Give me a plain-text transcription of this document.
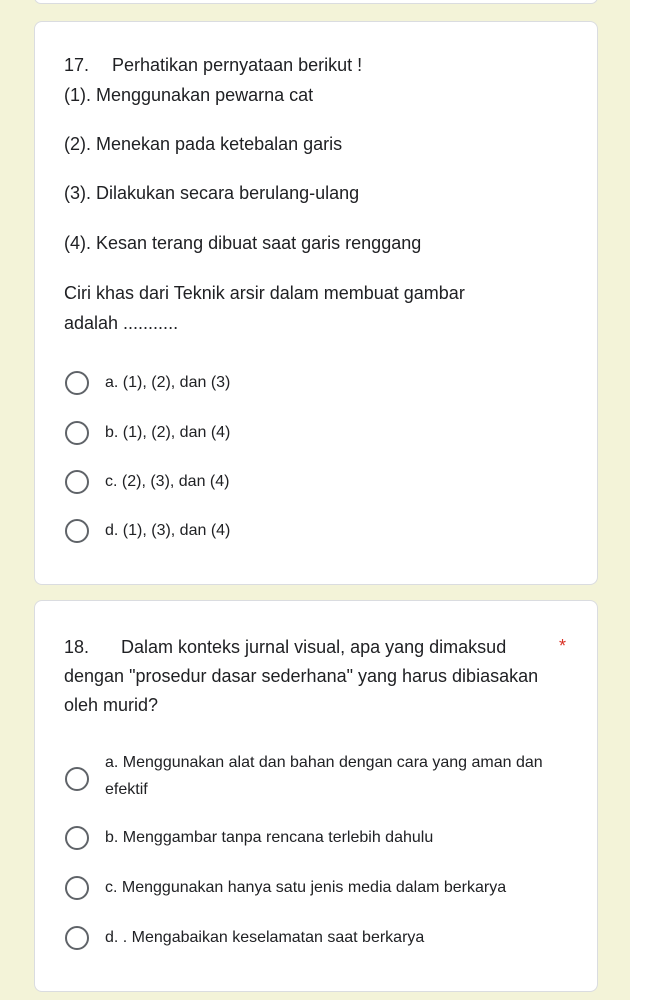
17. Perhatikan pernyataan berikut !
(1). Menggunakan pewarna cat
(2). Menekan pada ketebalan garis
(3). Dilakukan secara berulang-ulang
(4). Kesan terang dibuat saat garis renggang
Ciri khas dari Teknik arsir dalam membuat gambar
adalah ...........
a. (1), (2), dan (3)
b. (1), (2), dan (4)
c. (2), (3), dan (4)
d. (1), (3), dan (4)
18. Dalam konteks jurnal visual, apa yang dimaksud dengan "prosedur dasar sederhana" yang harus dibiasakan oleh murid?
*
a. Menggunakan alat dan bahan dengan cara yang aman dan efektif
b. Menggambar tanpa rencana terlebih dahulu
c. Menggunakan hanya satu jenis media dalam berkarya
d. . Mengabaikan keselamatan saat berkarya
